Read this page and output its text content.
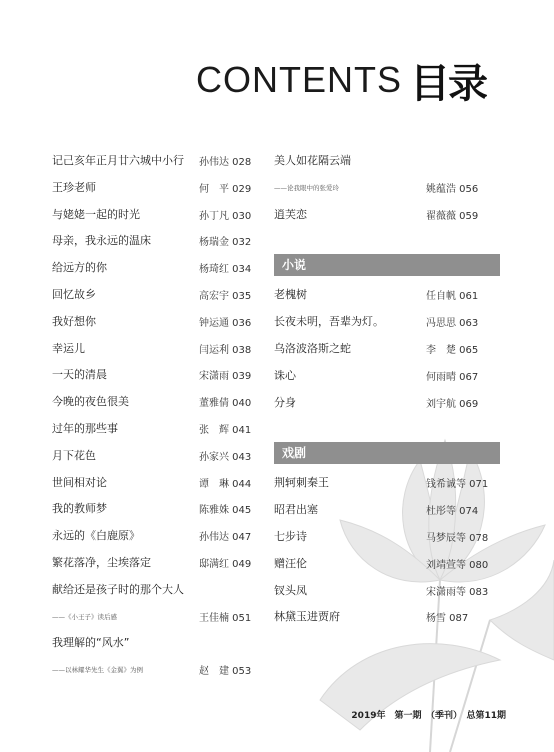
CONTENTS 目录
记己亥年正月廿六城中小行 孙伟达 028
王珍老师	何　平 029
与姥姥一起的时光	孙丁凡 030
母亲，我永远的温床	杨瑞金 032
给远方的你	杨琦红 034
回忆故乡	高宏宇 035
我好想你	钟运通 036
幸运儿	闫运利 038
一天的清晨	宋潇雨 039
今晚的夜色很美	董雅倩 040
过年的那些事	张　辉 041
月下花色	孙家兴 043
世间相对论	谭　琳 044
我的教师梦	陈雅姝 045
永远的《白鹿原》	孙伟达 047
繁花落净，尘埃落定	邸满红 049
献给还是孩子时的那个大人
——《小王子》读后感	王佳楠 051
我理解的“风水”
——以林耀华先生《金翼》为例	赵　建 053
美人如花隔云端
——论我眼中的张爱玲	姚蕴浩 056
逍芙恋	翟薇薇 059
小说
老槐树	任自帆 061
长夜未明，吾辈为灯。	冯思思 063
乌洛波洛斯之蛇	李　楚 065
诛心	何雨晴 067
分身	刘宇航 069
戏剧
荆轲刺秦王	钱希诚等 071
昭君出塞	杜彤等 074
七步诗	马梦辰等 078
赠汪伦	刘靖萱等 080
钗头凤	宋潇雨等 083
林黛玉进贾府	杨雪 087
2019年　第一期　（季刊）　总第11期
